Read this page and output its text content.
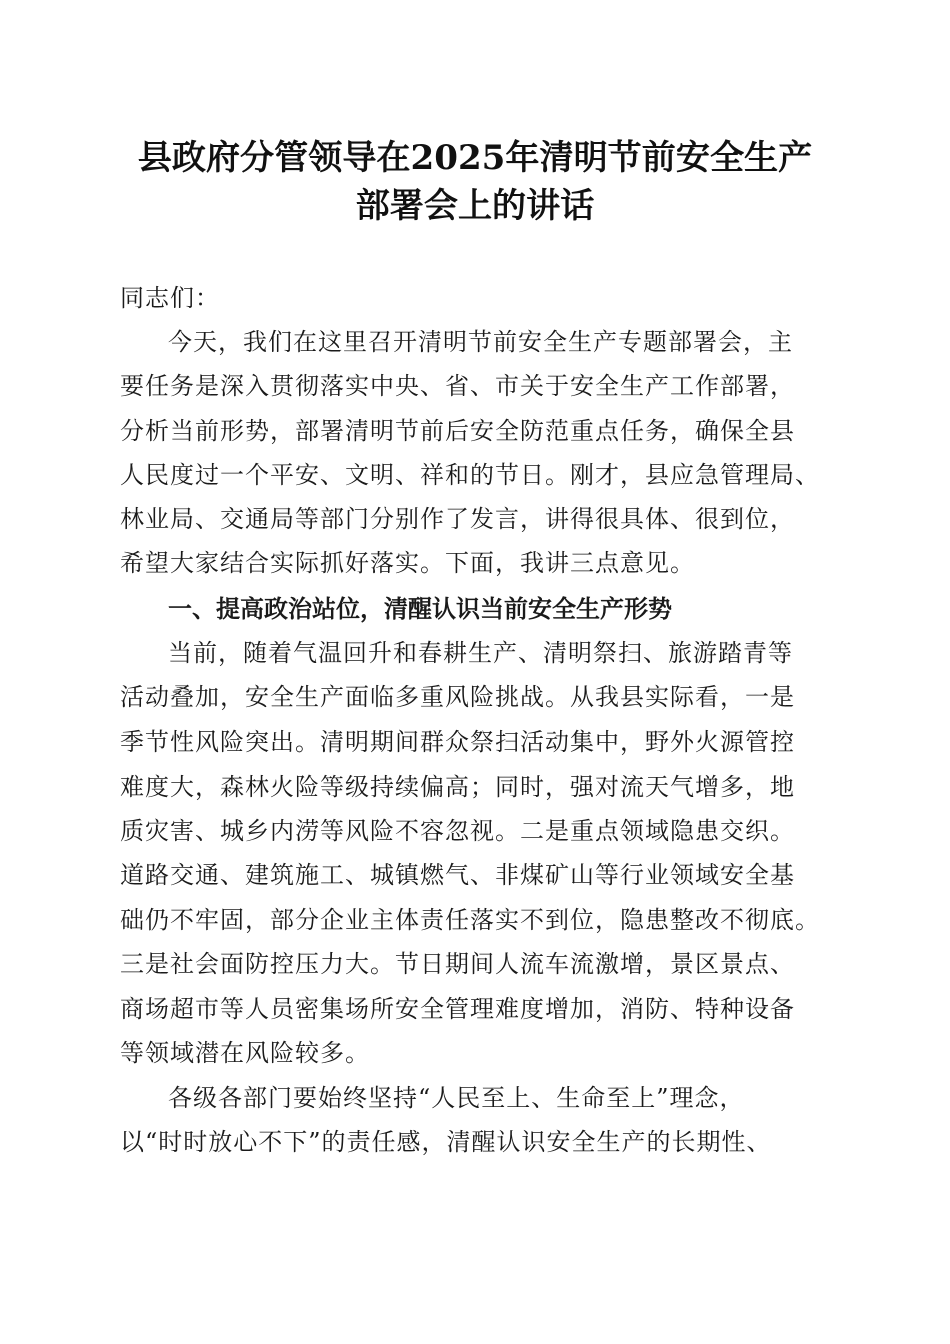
县政府分管领导在2025年清明节前安全生产
部署会上的讲话
同志们：
今天，我们在这里召开清明节前安全生产专题部署会，主
要任务是深入贯彻落实中央、省、市关于安全生产工作部署，
分析当前形势，部署清明节前后安全防范重点任务，确保全县
人民度过一个平安、文明、祥和的节日。刚才，县应急管理局、
林业局、交通局等部门分别作了发言，讲得很具体、很到位，
希望大家结合实际抓好落实。下面，我讲三点意见。
一、提高政治站位，清醒认识当前安全生产形势
当前，随着气温回升和春耕生产、清明祭扫、旅游踏青等
活动叠加，安全生产面临多重风险挑战。从我县实际看，一是
季节性风险突出。清明期间群众祭扫活动集中，野外火源管控
难度大，森林火险等级持续偏高；同时，强对流天气增多，地
质灾害、城乡内涝等风险不容忽视。二是重点领域隐患交织。
道路交通、建筑施工、城镇燃气、非煤矿山等行业领域安全基
础仍不牢固，部分企业主体责任落实不到位，隐患整改不彻底。
三是社会面防控压力大。节日期间人流车流激增，景区景点、
商场超市等人员密集场所安全管理难度增加，消防、特种设备
等领域潜在风险较多。
各级各部门要始终坚持“人民至上、生命至上”理念，
以“时时放心不下”的责任感，清醒认识安全生产的长期性、
